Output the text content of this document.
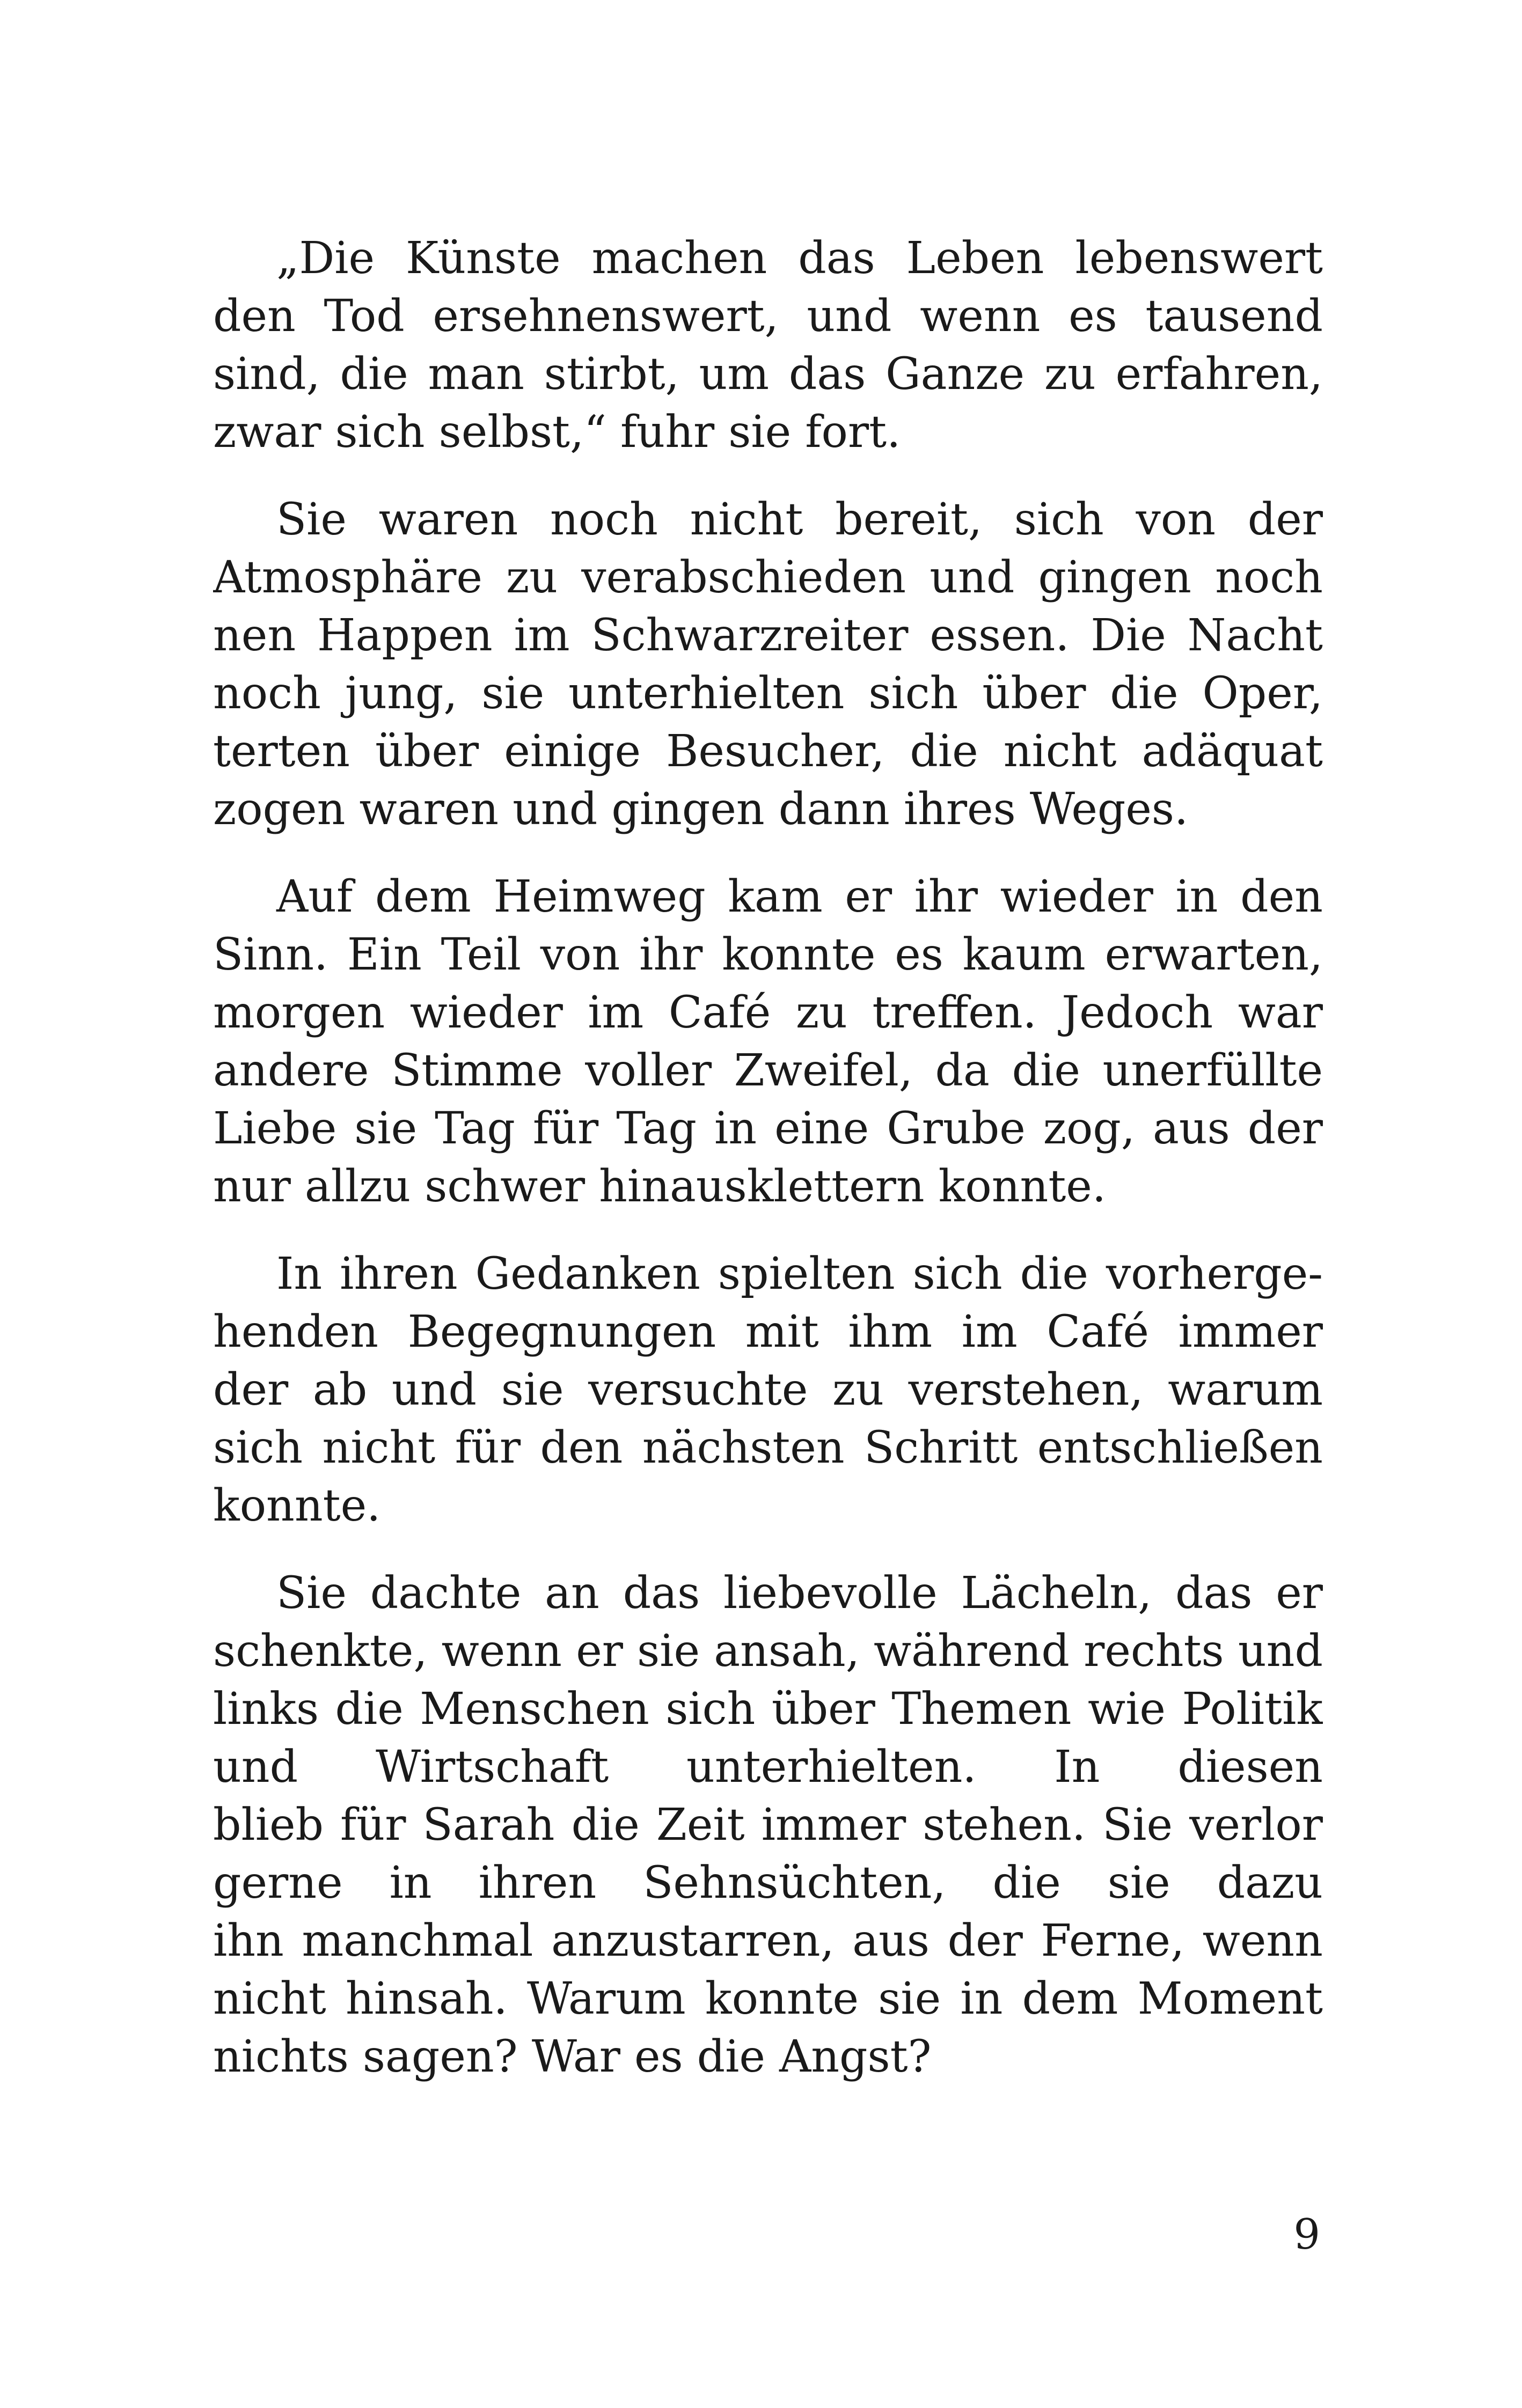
„Die Künste machen das Leben lebenswert
den Tod ersehnenswert, und wenn es tausend
sind, die man stirbt, um das Ganze zu erfahren,
zwar sich selbst,“ fuhr sie fort.
Sie waren noch nicht bereit, sich von der
Atmosphäre zu verabschieden und gingen noch
nen Happen im Schwarzreiter essen. Die Nacht
noch jung, sie unterhielten sich über die Oper,
terten über einige Besucher, die nicht adäquat
zogen waren und gingen dann ihres Weges.
Auf dem Heimweg kam er ihr wieder in den
Sinn. Ein Teil von ihr konnte es kaum erwarten,
morgen wieder im Café zu treffen. Jedoch war
andere Stimme voller Zweifel, da die unerfüllte
Liebe sie Tag für Tag in eine Grube zog, aus der
nur allzu schwer hinausklettern konnte.
In ihren Gedanken spielten sich die vorherge-
henden Begegnungen mit ihm im Café immer
der ab und sie versuchte zu verstehen, warum
sich nicht für den nächsten Schritt entschließen
konnte.
Sie dachte an das liebevolle Lächeln, das er
schenkte, wenn er sie ansah, während rechts und
links die Menschen sich über Themen wie Politik
und Wirtschaft unterhielten. In diesen
blieb für Sarah die Zeit immer stehen. Sie verlor
gerne in ihren Sehnsüchten, die sie dazu
ihn manchmal anzustarren, aus der Ferne, wenn
nicht hinsah. Warum konnte sie in dem Moment
nichts sagen? War es die Angst?
9
